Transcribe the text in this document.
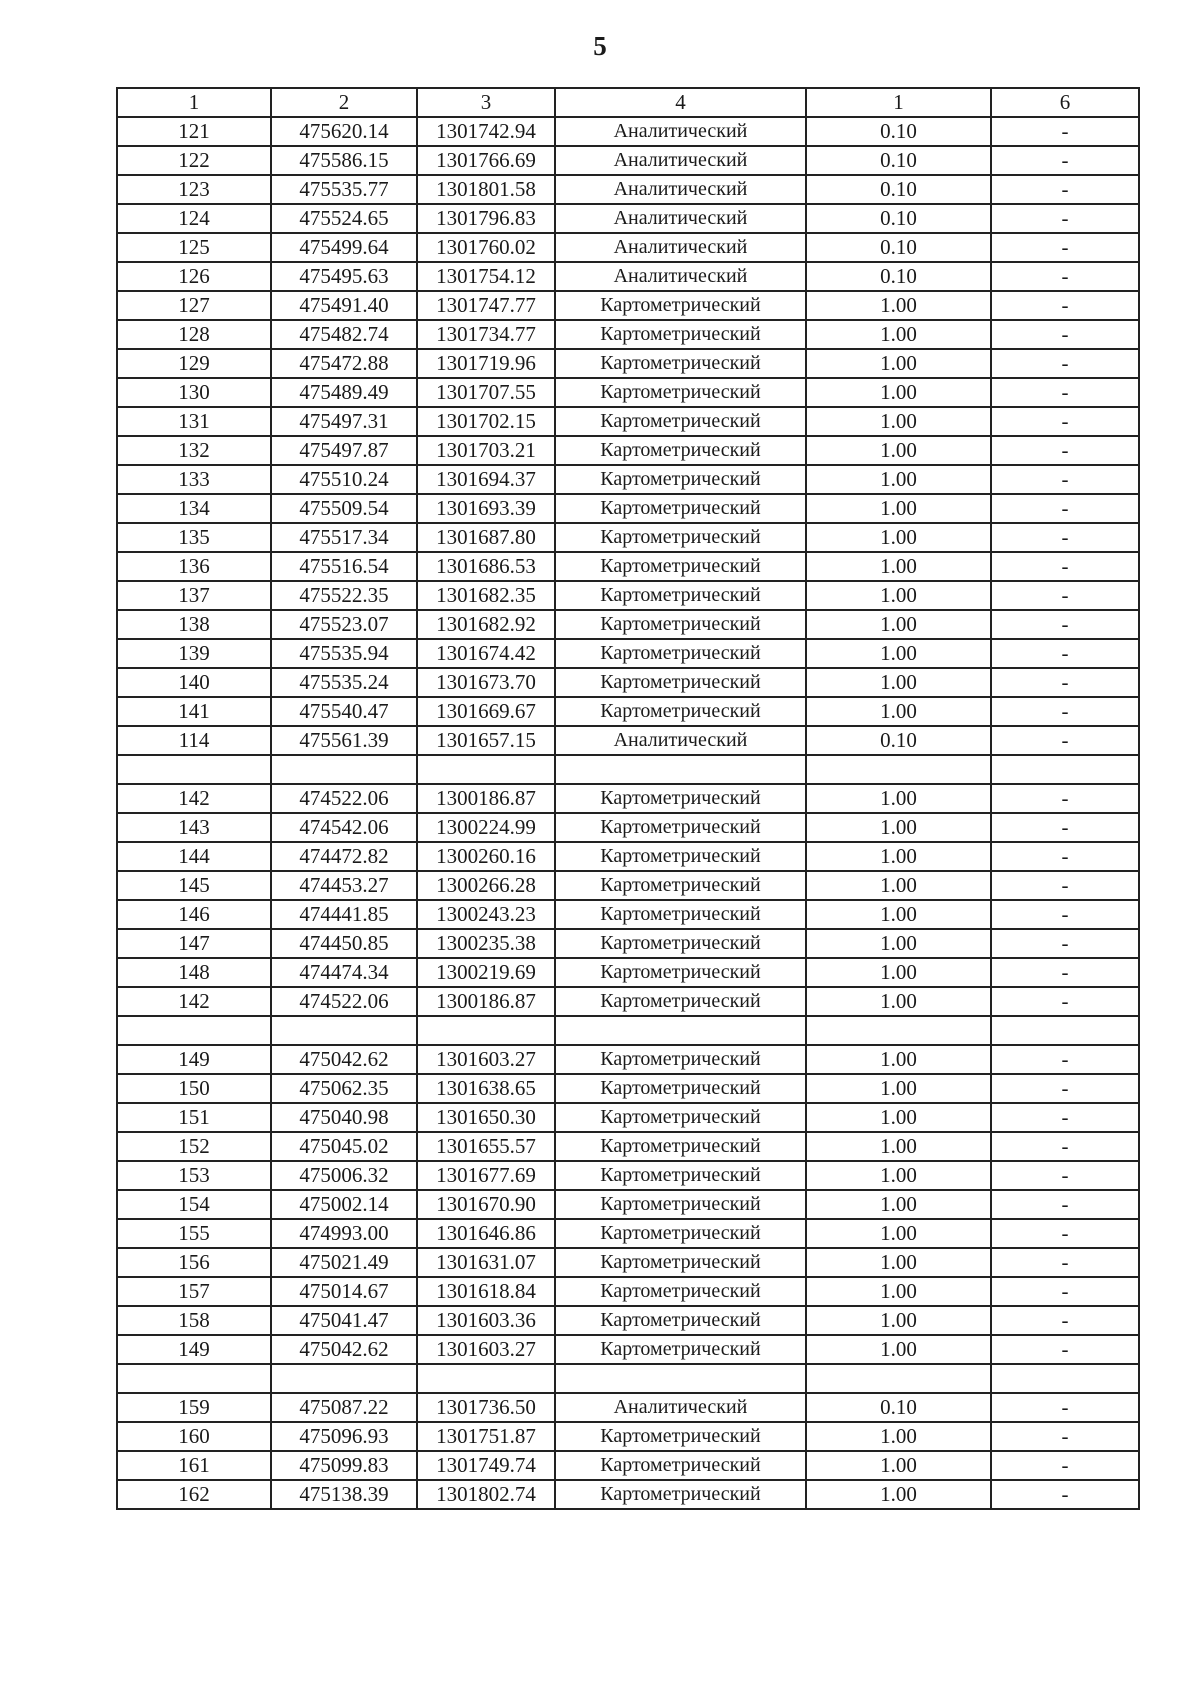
5
1	2	3	4	1	6
121	475620.14	1301742.94	Аналитический	0.10	-
122	475586.15	1301766.69	Аналитический	0.10	-
123	475535.77	1301801.58	Аналитический	0.10	-
124	475524.65	1301796.83	Аналитический	0.10	-
125	475499.64	1301760.02	Аналитический	0.10	-
126	475495.63	1301754.12	Аналитический	0.10	-
127	475491.40	1301747.77	Картометрический	1.00	-
128	475482.74	1301734.77	Картометрический	1.00	-
129	475472.88	1301719.96	Картометрический	1.00	-
130	475489.49	1301707.55	Картометрический	1.00	-
131	475497.31	1301702.15	Картометрический	1.00	-
132	475497.87	1301703.21	Картометрический	1.00	-
133	475510.24	1301694.37	Картометрический	1.00	-
134	475509.54	1301693.39	Картометрический	1.00	-
135	475517.34	1301687.80	Картометрический	1.00	-
136	475516.54	1301686.53	Картометрический	1.00	-
137	475522.35	1301682.35	Картометрический	1.00	-
138	475523.07	1301682.92	Картометрический	1.00	-
139	475535.94	1301674.42	Картометрический	1.00	-
140	475535.24	1301673.70	Картометрический	1.00	-
141	475540.47	1301669.67	Картометрический	1.00	-
114	475561.39	1301657.15	Аналитический	0.10	-

142	474522.06	1300186.87	Картометрический	1.00	-
143	474542.06	1300224.99	Картометрический	1.00	-
144	474472.82	1300260.16	Картометрический	1.00	-
145	474453.27	1300266.28	Картометрический	1.00	-
146	474441.85	1300243.23	Картометрический	1.00	-
147	474450.85	1300235.38	Картометрический	1.00	-
148	474474.34	1300219.69	Картометрический	1.00	-
142	474522.06	1300186.87	Картометрический	1.00	-

149	475042.62	1301603.27	Картометрический	1.00	-
150	475062.35	1301638.65	Картометрический	1.00	-
151	475040.98	1301650.30	Картометрический	1.00	-
152	475045.02	1301655.57	Картометрический	1.00	-
153	475006.32	1301677.69	Картометрический	1.00	-
154	475002.14	1301670.90	Картометрический	1.00	-
155	474993.00	1301646.86	Картометрический	1.00	-
156	475021.49	1301631.07	Картометрический	1.00	-
157	475014.67	1301618.84	Картометрический	1.00	-
158	475041.47	1301603.36	Картометрический	1.00	-
149	475042.62	1301603.27	Картометрический	1.00	-

159	475087.22	1301736.50	Аналитический	0.10	-
160	475096.93	1301751.87	Картометрический	1.00	-
161	475099.83	1301749.74	Картометрический	1.00	-
162	475138.39	1301802.74	Картометрический	1.00	-
